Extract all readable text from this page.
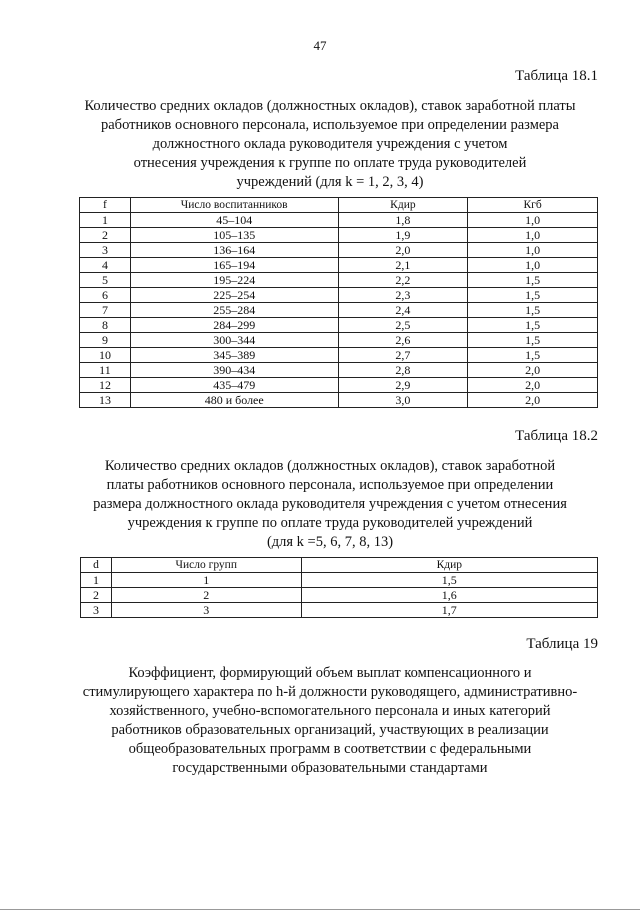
47
Таблица 18.1
Количество средних окладов (должностных окладов), ставок заработной платы
работников основного персонала, используемое при определении размера
должностного оклада руководителя учреждения с учетом
отнесения учреждения к группе по оплате труда руководителей
учреждений (для k = 1, 2, 3, 4)
f	Число воспитанников	Кдир	Кгб
1	45–104	1,8	1,0
2	105–135	1,9	1,0
3	136–164	2,0	1,0
4	165–194	2,1	1,0
5	195–224	2,2	1,5
6	225–254	2,3	1,5
7	255–284	2,4	1,5
8	284–299	2,5	1,5
9	300–344	2,6	1,5
10	345–389	2,7	1,5
11	390–434	2,8	2,0
12	435–479	2,9	2,0
13	480 и более	3,0	2,0
Таблица 18.2
Количество средних окладов (должностных окладов), ставок заработной
платы работников основного персонала, используемое при определении
размера должностного оклада руководителя учреждения с учетом отнесения
учреждения к группе по оплате труда руководителей учреждений
(для k =5, 6, 7, 8, 13)
d	Число групп	Кдир
1	1	1,5
2	2	1,6
3	3	1,7
Таблица 19
Коэффициент, формирующий объем выплат компенсационного и
стимулирующего характера по h-й должности руководящего, административно-
хозяйственного, учебно-вспомогательного персонала и иных категорий
работников образовательных организаций, участвующих в реализации
общеобразовательных программ в соответствии с федеральными
государственными образовательными стандартами
